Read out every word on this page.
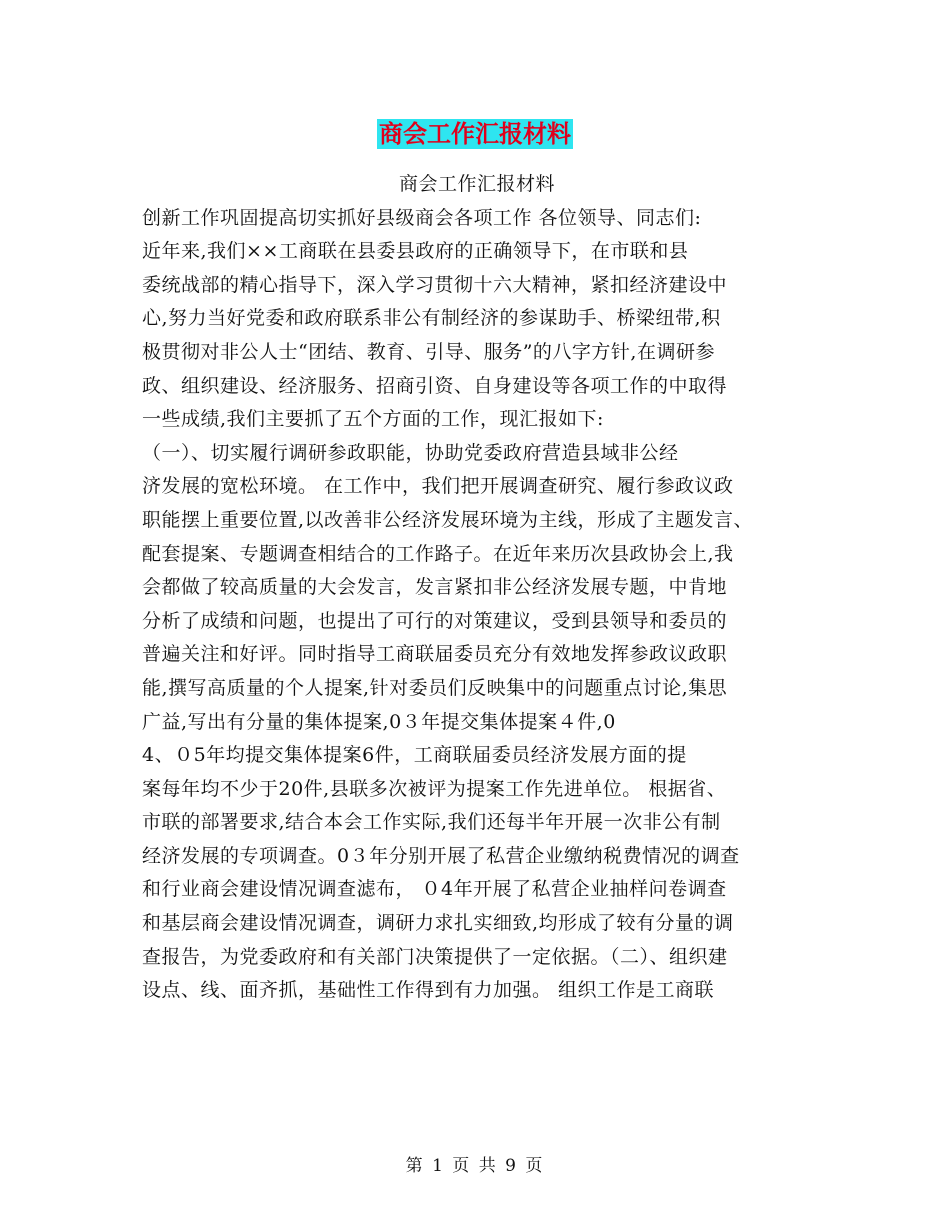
商会工作汇报材料
商会工作汇报材料
创新工作巩固提高切实抓好县级商会各项工作 各位领导、同志们:
近年来,我们××工商联在县委县政府的正确领导下，在市联和县
委统战部的精心指导下，深入学习贯彻十六大精神，紧扣经济建设中
心,努力当好党委和政府联系非公有制经济的参谋助手、桥梁纽带,积
极贯彻对非公人士“团结、教育、引导、服务”的八字方针,在调研参
政、组织建设、经济服务、招商引资、自身建设等各项工作的中取得
一些成绩,我们主要抓了五个方面的工作，现汇报如下:
（一）、切实履行调研参政职能，协助党委政府营造县域非公经
济发展的宽松环境。 在工作中，我们把开展调查研究、履行参政议政
职能摆上重要位置,以改善非公经济发展环境为主线，形成了主题发言、
配套提案、专题调查相结合的工作路子。在近年来历次县政协会上,我
会都做了较高质量的大会发言，发言紧扣非公经济发展专题，中肯地
分析了成绩和问题，也提出了可行的对策建议，受到县领导和委员的
普遍关注和好评。同时指导工商联届委员充分有效地发挥参政议政职
能,撰写高质量的个人提案,针对委员们反映集中的问题重点讨论,集思
广益,写出有分量的集体提案,0３年提交集体提案４件,0
4、０5年均提交集体提案6件，工商联届委员经济发展方面的提
案每年均不少于20件,县联多次被评为提案工作先进单位。 根据省、
市联的部署要求,结合本会工作实际,我们还每半年开展一次非公有制
经济发展的专项调查。0３年分别开展了私营企业缴纳税费情况的调查
和行业商会建设情况调查滤布， ０4年开展了私营企业抽样问卷调查
和基层商会建设情况调查，调研力求扎实细致,均形成了较有分量的调
查报告，为党委政府和有关部门决策提供了一定依据。（二）、组织建
设点、线、面齐抓，基础性工作得到有力加强。 组织工作是工商联
第 1 页 共 9 页
